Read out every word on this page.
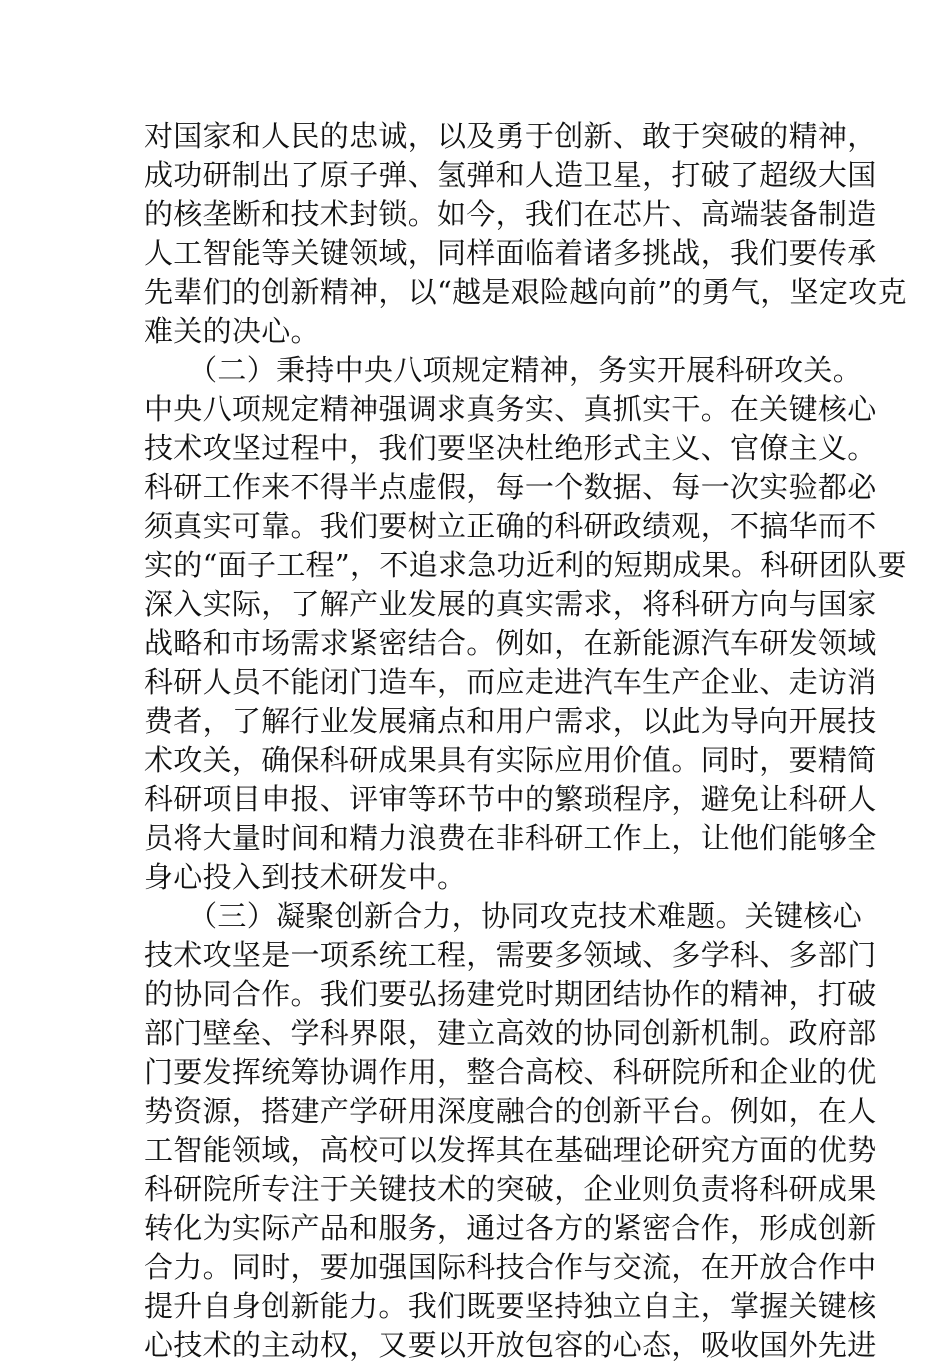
对国家和人民的忠诚，以及勇于创新、敢于突破的精神，
成功研制出了原子弹、氢弹和人造卫星，打破了超级大国
的核垄断和技术封锁。如今，我们在芯片、高端装备制造
人工智能等关键领域，同样面临着诸多挑战，我们要传承
先辈们的创新精神，以“越是艰险越向前”的勇气，坚定攻克
难关的决心。
　　（二）秉持中央八项规定精神，务实开展科研攻关。
中央八项规定精神强调求真务实、真抓实干。在关键核心
技术攻坚过程中，我们要坚决杜绝形式主义、官僚主义。
科研工作来不得半点虚假，每一个数据、每一次实验都必
须真实可靠。我们要树立正确的科研政绩观，不搞华而不
实的“面子工程”，不追求急功近利的短期成果。科研团队要
深入实际，了解产业发展的真实需求，将科研方向与国家
战略和市场需求紧密结合。例如，在新能源汽车研发领域
科研人员不能闭门造车，而应走进汽车生产企业、走访消
费者，了解行业发展痛点和用户需求，以此为导向开展技
术攻关，确保科研成果具有实际应用价值。同时，要精简
科研项目申报、评审等环节中的繁琐程序，避免让科研人
员将大量时间和精力浪费在非科研工作上，让他们能够全
身心投入到技术研发中。
　　（三）凝聚创新合力，协同攻克技术难题。关键核心
技术攻坚是一项系统工程，需要多领域、多学科、多部门
的协同合作。我们要弘扬建党时期团结协作的精神，打破
部门壁垒、学科界限，建立高效的协同创新机制。政府部
门要发挥统筹协调作用，整合高校、科研院所和企业的优
势资源，搭建产学研用深度融合的创新平台。例如，在人
工智能领域，高校可以发挥其在基础理论研究方面的优势
科研院所专注于关键技术的突破，企业则负责将科研成果
转化为实际产品和服务，通过各方的紧密合作，形成创新
合力。同时，要加强国际科技合作与交流，在开放合作中
提升自身创新能力。我们既要坚持独立自主，掌握关键核
心技术的主动权，又要以开放包容的心态，吸收国外先进
